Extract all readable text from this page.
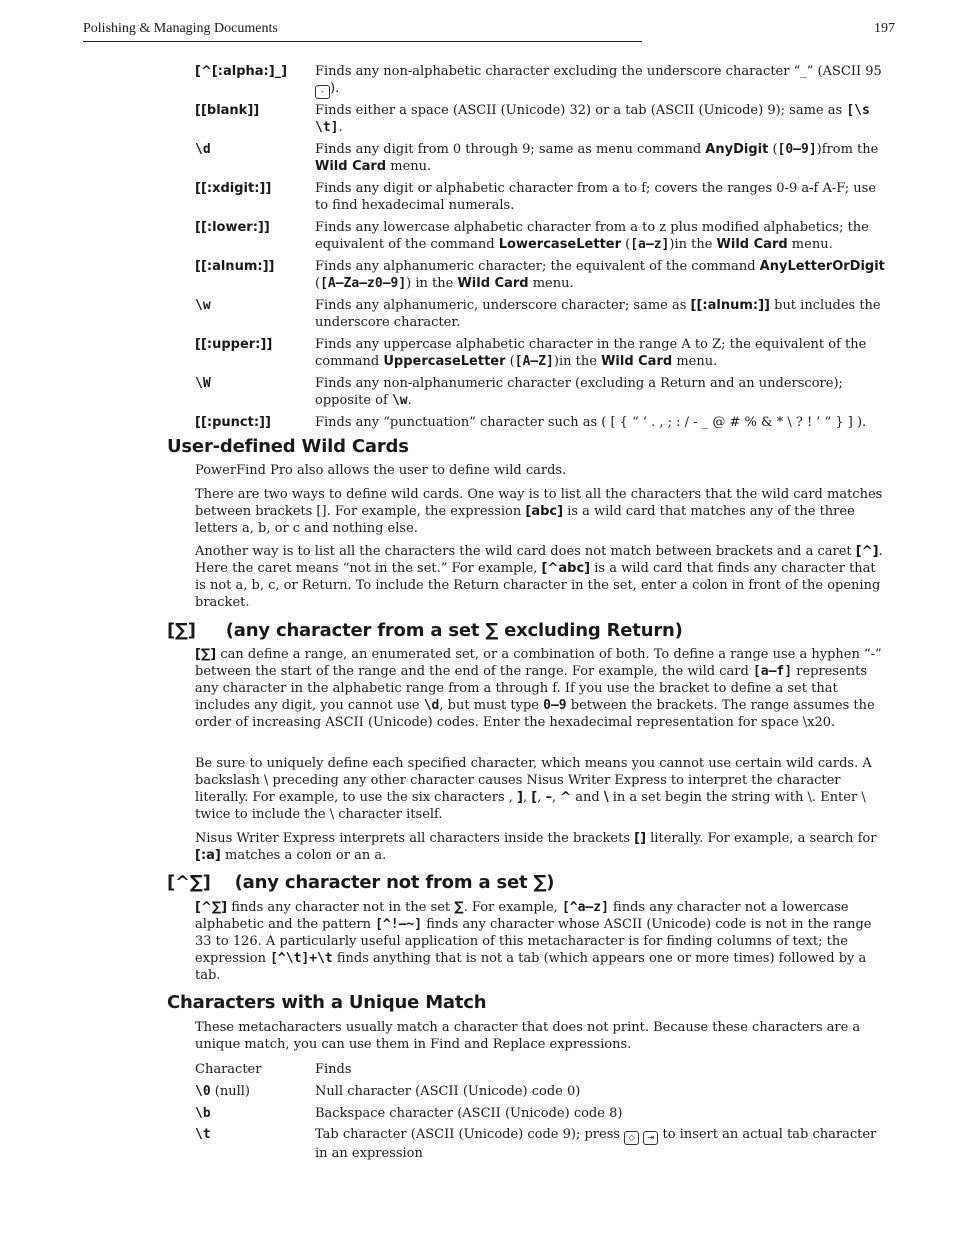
Polishing & Managing Documents	197
[^[:alpha:]_] Finds any non-alphabetic character excluding the underscore character “_” (ASCII 95 - ).
[[blank]]	Finds either a space (ASCII (Unicode) 32) or a tab (ASCII (Unicode) 9); same as [\s \t].
\d	Finds any digit from 0 through 9; same as menu command AnyDigit ([0–9])from the Wild Card menu.
[[:xdigit:]]	Finds any digit or alphabetic character from a to f; covers the ranges 0-9 a-f A-F; use to find hexadecimal numerals.
[[:lower:]]	Finds any lowercase alphabetic character from a to z plus modified alphabetics; the equivalent of the command LowercaseLetter ([a–z])in the Wild Card menu.
[[:alnum:]]	Finds any alphanumeric character; the equivalent of the command AnyLetterOrDigit ([A–Za–z0–9]) in the Wild Card menu.
\w	Finds any alphanumeric, underscore character; same as [[:alnum:]] but includes the underscore character.
[[:upper:]]	Finds any uppercase alphabetic character in the range A to Z; the equivalent of the command UppercaseLetter ([A–Z])in the Wild Card menu.
\W	Finds any non-alphanumeric character (excluding a Return and an underscore); opposite of \w.
[[:punct:]]	Finds any “punctuation” character such as ( [ { “ ‘ . , ; : / - _ @ # % & * \ ? ! ’ ” } ] ).
User-defined Wild Cards
PowerFind Pro also allows the user to define wild cards.
There are two ways to define wild cards. One way is to list all the characters that the wild card matches between brackets []. For example, the expression [abc] is a wild card that matches any of the three letters a, b, or c and nothing else.
Another way is to list all the characters the wild card does not match between brackets and a caret [^]. Here the caret means “not in the set.” For example, [^abc] is a wild card that finds any character that is not a, b, c, or Return. To include the Return character in the set, enter a colon in front of the opening bracket.
[∑] (any character from a set ∑ excluding Return)
[∑] can define a range, an enumerated set, or a combination of both. To define a range use a hyphen “-” between the start of the range and the end of the range. For example, the wild card [a–f] represents any character in the alphabetic range from a through f. If you use the bracket to define a set that includes any digit, you cannot use \d, but must type 0–9 between the brackets. The range assumes the order of increasing ASCII (Unicode) codes. Enter the hexadecimal representation for space \x20.
Be sure to uniquely define each specified character, which means you cannot use certain wild cards. A backslash \ preceding any other character causes Nisus Writer Express to interpret the character literally. For example, to use the six characters , ], [, –, ^ and \ in a set begin the string with \. Enter \ twice to include the \ character itself.
Nisus Writer Express interprets all characters inside the brackets [] literally. For example, a search for [:a] matches a colon or an a.
[^∑] (any character not from a set ∑)
[^∑] finds any character not in the set ∑. For example, [^a–z] finds any character not a lowercase alphabetic and the pattern [^!–~] finds any character whose ASCII (Unicode) code is not in the range 33 to 126. A particularly useful application of this metacharacter is for finding columns of text; the expression [^\t]+\t finds anything that is not a tab (which appears one or more times) followed by a tab.
Characters with a Unique Match
These metacharacters usually match a character that does not print. Because these characters are a unique match, you can use them in Find and Replace expressions.
Character	Finds
\0 (null)	Null character (ASCII (Unicode) code 0)
\b	Backspace character (ASCII (Unicode) code 8)
\t	Tab character (ASCII (Unicode) code 9); press ◇ ⇥ to insert an actual tab character in an expression
